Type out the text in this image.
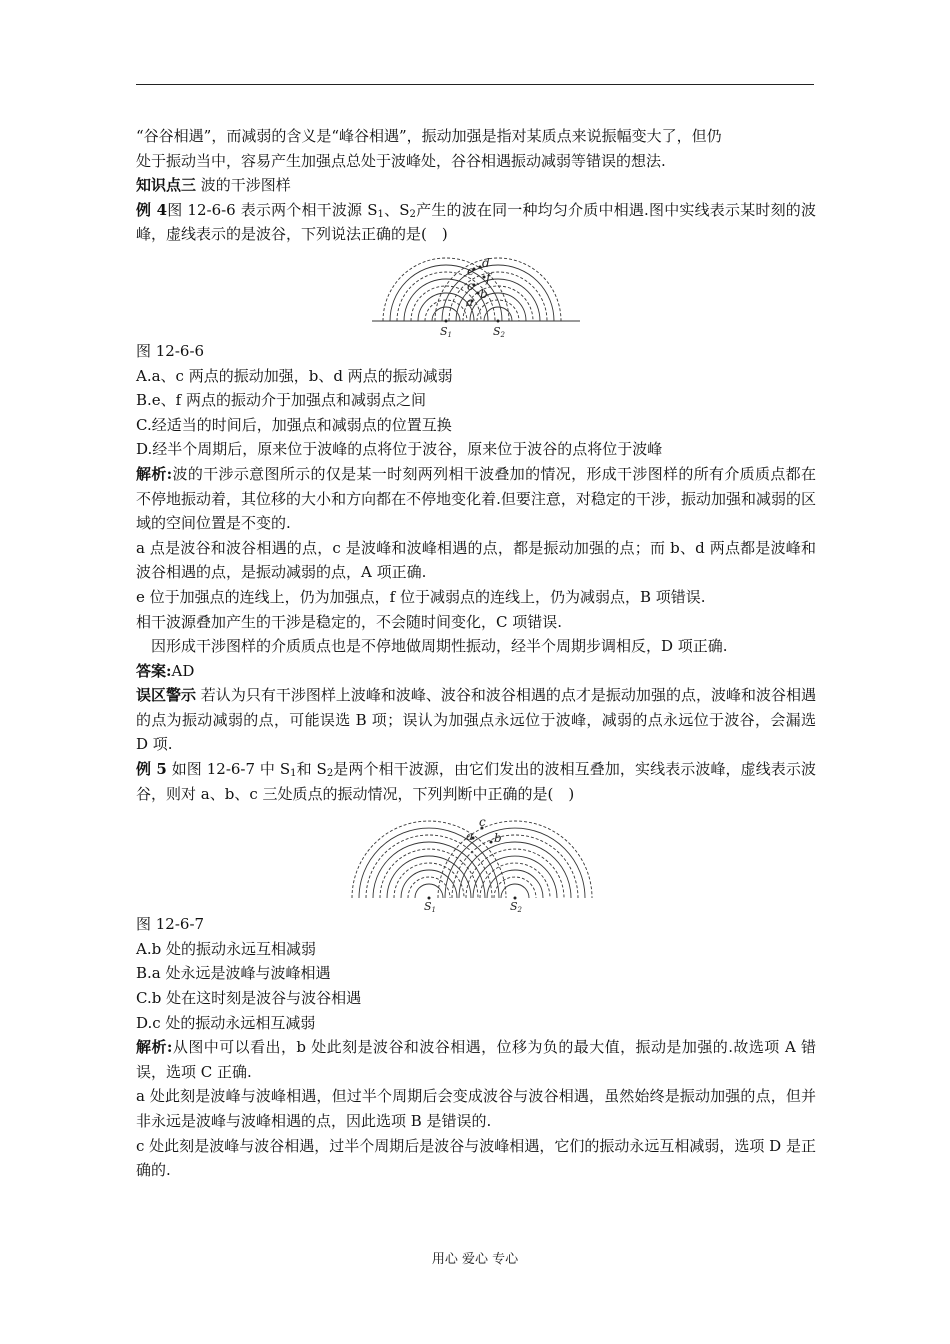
“谷谷相遇”，而减弱的含义是“峰谷相遇”，振动加强是指对某质点来说振幅变大了，但仍
处于振动当中，容易产生加强点总处于波峰处，谷谷相遇振动减弱等错误的想法.

知识点三 波的干涉图样

例 4图 12-6-6 表示两个相干波源 $S_1$、$S_2$产生的波在同一种均匀介质中相遇.图中实线表示某时刻的波峰，虚线表示的是波谷，下列说法正确的是(　)

a
b
c
d
e f
S1	S2

图 12-6-6

A.a、c 两点的振动加强，b、d 两点的振动减弱

B.e、f 两点的振动介于加强点和减弱点之间

C.经适当的时间后，加强点和减弱点的位置互换

D.经半个周期后，原来位于波峰的点将位于波谷，原来位于波谷的点将位于波峰

解析:波的干涉示意图所示的仅是某一时刻两列相干波叠加的情况，形成干涉图样的所有介质质点都在不停地振动着，其位移的大小和方向都在不停地变化着.但要注意，对稳定的干涉，振动加强和减弱的区域的空间位置是不变的.

a 点是波谷和波谷相遇的点，c 是波峰和波峰相遇的点，都是振动加强的点；而 b、d 两点都是波峰和波谷相遇的点，是振动减弱的点，A 项正确.

e 位于加强点的连线上，仍为加强点，f 位于减弱点的连线上，仍为减弱点，B 项错误.

相干波源叠加产生的干涉是稳定的，不会随时间变化，C 项错误.

因形成干涉图样的介质质点也是不停地做周期性振动，经半个周期步调相反，D 项正确.

答案:AD

误区警示 若认为只有干涉图样上波峰和波峰、波谷和波谷相遇的点才是振动加强的点，波峰和波谷相遇的点为振动减弱的点，可能误选 B 项；误认为加强点永远位于波峰，减弱的点永远位于波谷，会漏选 D 项.

例 5 如图 12-6-7 中 $S_1$和 $S_2$是两个相干波源，由它们发出的波相互叠加，实线表示波峰，虚线表示波谷，则对 a、b、c 三处质点的振动情况，下列判断中正确的是(　)

a b
c
S1	S2

图 12-6-7

A.b 处的振动永远互相减弱

B.a 处永远是波峰与波峰相遇

C.b 处在这时刻是波谷与波谷相遇

D.c 处的振动永远相互减弱

解析:从图中可以看出，b 处此刻是波谷和波谷相遇，位移为负的最大值，振动是加强的.故选项 A 错误，选项 C 正确.

a 处此刻是波峰与波峰相遇，但过半个周期后会变成波谷与波谷相遇，虽然始终是振动加强的点，但并非永远是波峰与波峰相遇的点，因此选项 B 是错误的.

c 处此刻是波峰与波谷相遇，过半个周期后是波谷与波峰相遇，它们的振动永远互相减弱，选项 D 是正确的.

用心 爱心 专心
